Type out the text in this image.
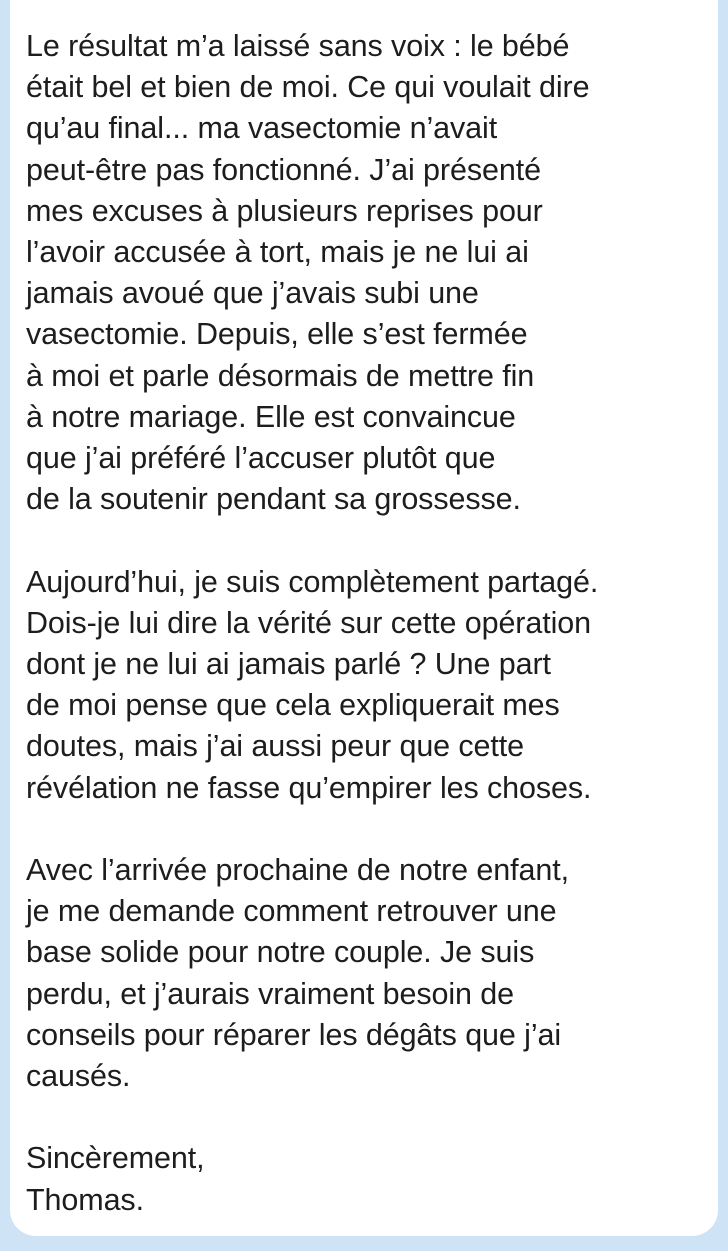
Le résultat m’a laissé sans voix : le bébé
était bel et bien de moi. Ce qui voulait dire
qu’au final... ma vasectomie n’avait
peut-être pas fonctionné. J’ai présenté
mes excuses à plusieurs reprises pour
l’avoir accusée à tort, mais je ne lui ai
jamais avoué que j’avais subi une
vasectomie. Depuis, elle s’est fermée
à moi et parle désormais de mettre fin
à notre mariage. Elle est convaincue
que j’ai préféré l’accuser plutôt que
de la soutenir pendant sa grossesse.

Aujourd’hui, je suis complètement partagé.
Dois-je lui dire la vérité sur cette opération
dont je ne lui ai jamais parlé ? Une part
de moi pense que cela expliquerait mes
doutes, mais j’ai aussi peur que cette
révélation ne fasse qu’empirer les choses.

Avec l’arrivée prochaine de notre enfant,
je me demande comment retrouver une
base solide pour notre couple. Je suis
perdu, et j’aurais vraiment besoin de
conseils pour réparer les dégâts que j’ai
causés.

Sincèrement,
Thomas.
